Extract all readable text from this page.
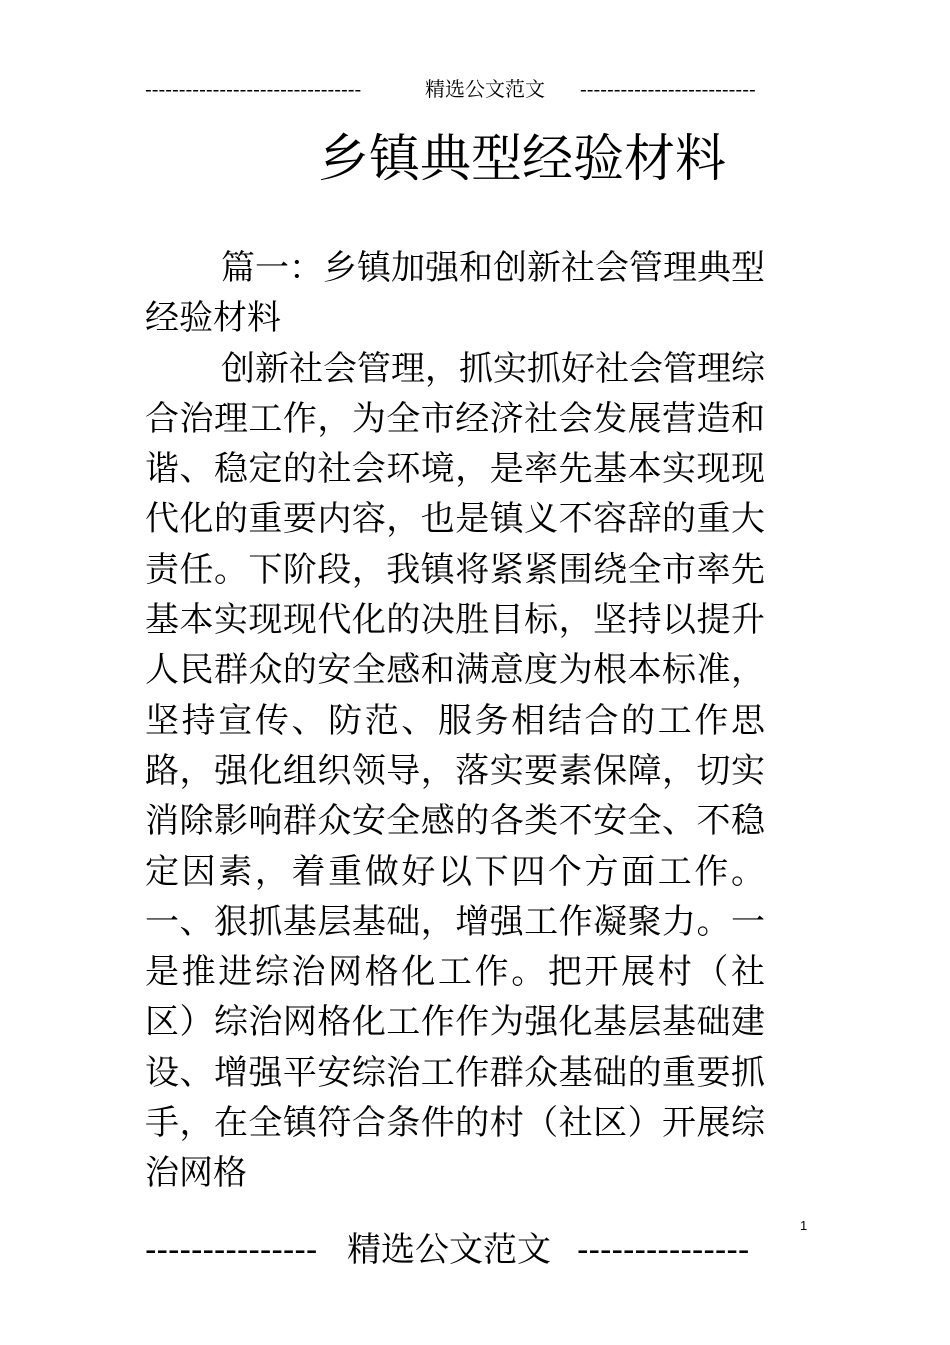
--------------------------------	精选公文范文 --------------------------
乡镇典型经验材料

篇一：乡镇加强和创新社会管理典型经验材料

创新社会管理，抓实抓好社会管理综合治理工作，为全市经济社会发展营造和谐、稳定的社会环境，是率先基本实现现代化的重要内容，也是镇义不容辞的重大责任。下阶段，我镇将紧紧围绕全市率先基本实现现代化的决胜目标，坚持以提升人民群众的安全感和满意度为根本标准，坚持宣传、防范、服务相结合的工作思路，强化组织领导，落实要素保障，切实消除影响群众安全感的各类不安全、不稳定因素，着重做好以下四个方面工作。一、狠抓基层基础，增强工作凝聚力。一是推进综治网格化工作。把开展村（社区）综治网格化工作作为强化基层基础建设、增强平安综治工作群众基础的重要抓手，在全镇符合条件的村（社区）开展综治网格

1
--------------- 精选公文范文 ---------------
